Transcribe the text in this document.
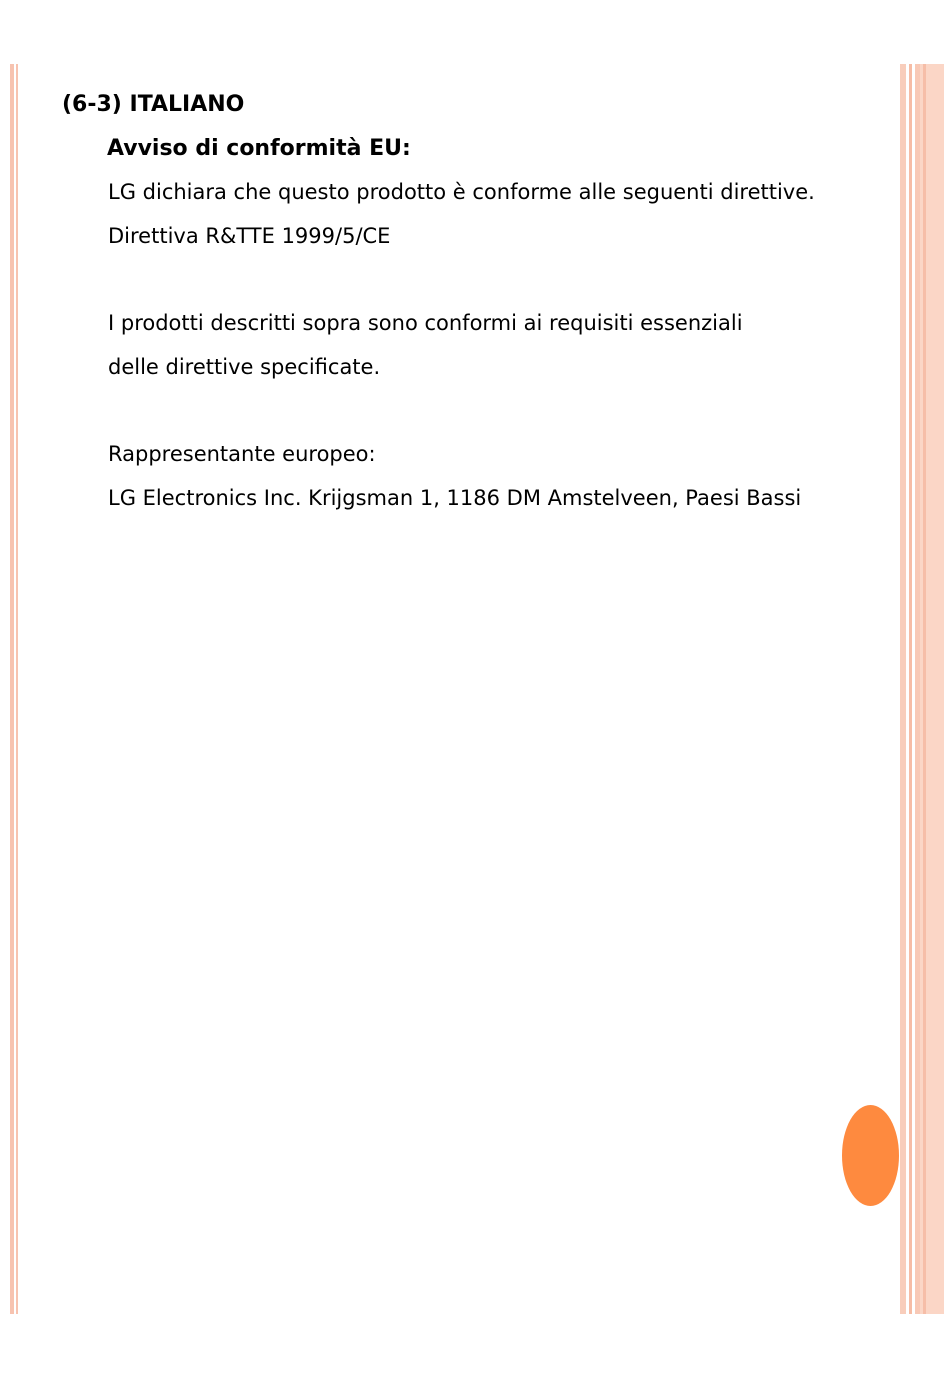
(6-3) ITALIANO
Avviso di conformità EU:
LG dichiara che questo prodotto è conforme alle seguenti direttive.
Direttiva R&TTE 1999/5/CE
I prodotti descritti sopra sono conformi ai requisiti essenziali
delle direttive specificate.
Rappresentante europeo:
LG Electronics Inc. Krijgsman 1, 1186 DM Amstelveen, Paesi Bassi
